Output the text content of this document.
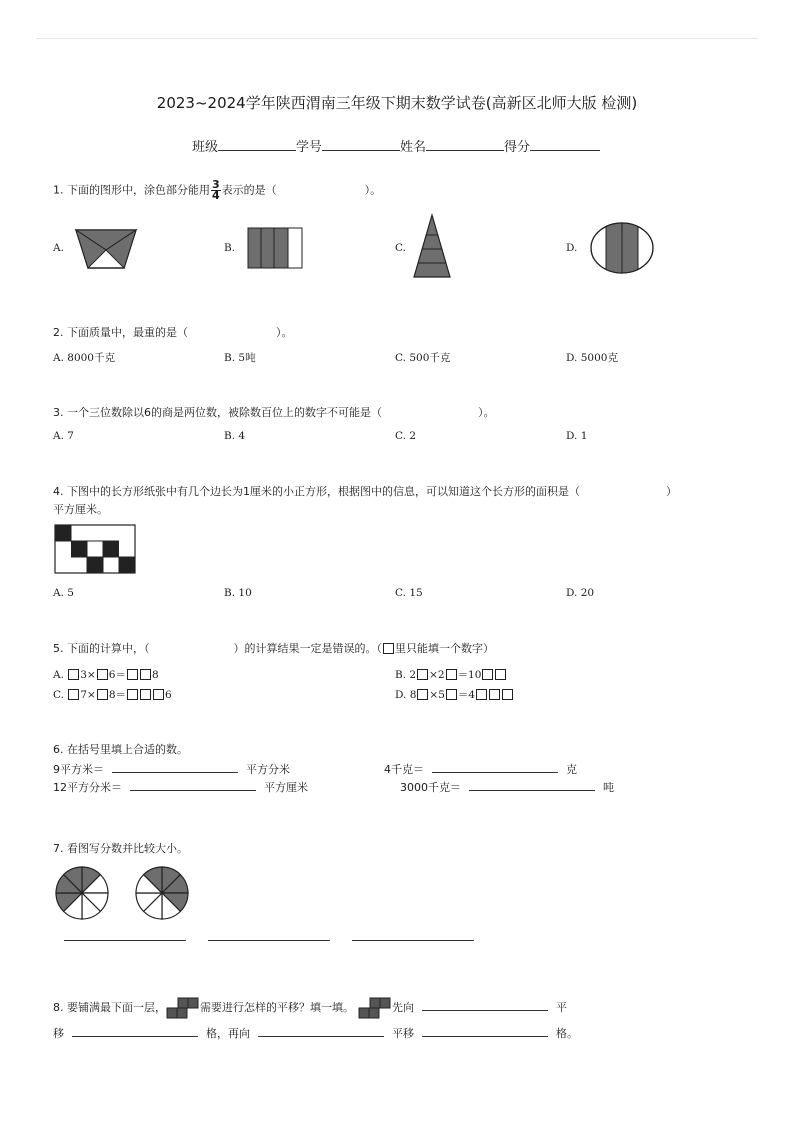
2023~2024学年陕西渭南三年级下期末数学试卷(高新区北师大版 检测)
班级	学号	姓名	得分
1. 下面的图形中，涂色部分能用 $\frac{3}{4}$ 表示的是（	）。
A.	B.	C.	D.
2. 下面质量中，最重的是（	）。
A. 8000千克	B. 5吨	C. 500千克	D. 5000克
3. 一个三位数除以6的商是两位数，被除数百位上的数字不可能是（	）。
A. 7	B. 4	C. 2	D. 1
4. 下图中的长方形纸张中有几个边长为1厘米的小正方形，根据图中的信息，可以知道这个长方形的面积是（	）
平方厘米。
A. 5	B. 10	C. 15	D. 20
5. 下面的计算中，（	）的计算结果一定是错误的。（ 里只能填一个数字）
A. 3× 6＝ 8	B. 2 ×2 ＝10
C. 7× 8＝	6	D. 8 ×5 ＝4
6. 在括号里填上合适的数。
9平方米＝	平方分米	4千克＝	克
12平方分米＝	平方厘米	3000千克＝	吨
7. 看图写分数并比较大小。
8. 要铺满最下面一层，	需要进行怎样的平移？填一填。	先向	平
移	格，再向	平移	格。
